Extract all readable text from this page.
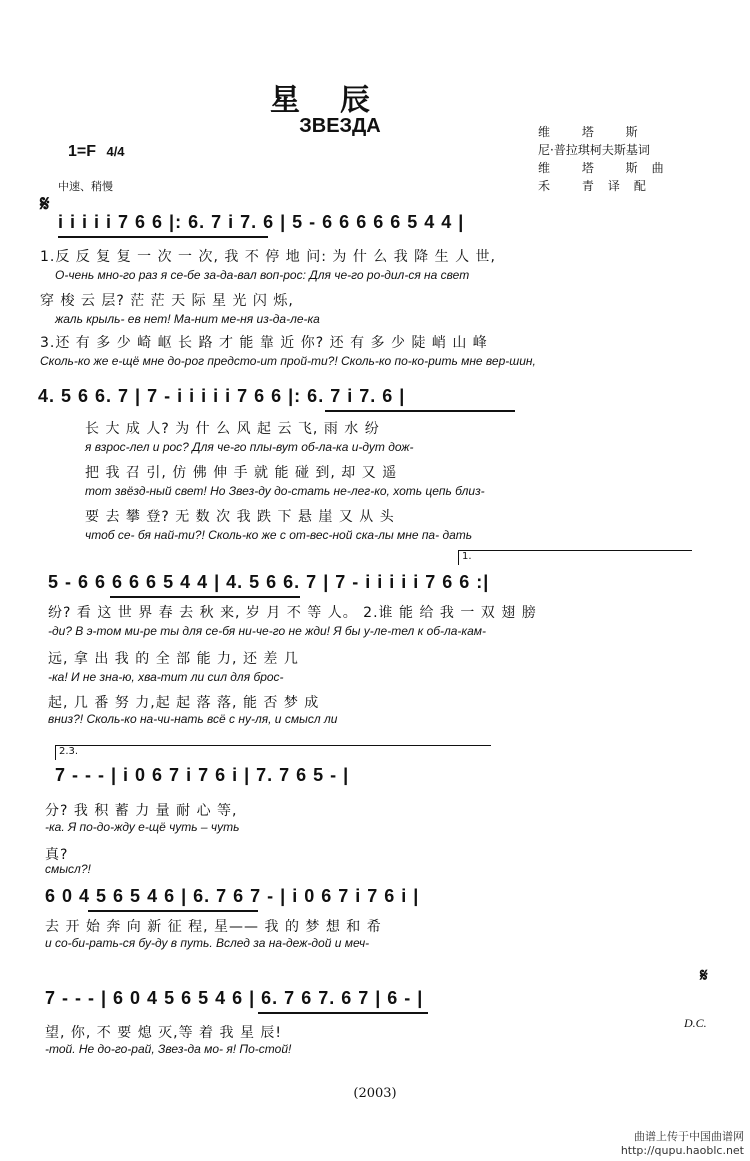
星辰
ЗВЕЗДА	维 塔 斯
尼·普拉琪柯夫斯基词
维 塔 斯曲
禾 青译配
1=F 4/4
中速、稍慢
𝄋
i i i i i 7 6 6 |: 6. 7 i 7. 6 | 5 - 6 6 6 6 6 5 4 4 |
1.反 反 复 复 一 次 一 次, 我 不 停 地 问: 为 什 么 我 降 生 人 世,
О-чень мно-го раз я се-бе за-да-вал воп-рос: Для че-го ро-дил-ся на свет
穿 梭 云 层? 茫 茫 天 际 星 光 闪 烁,
жаль крыль- ев нет! Ма-нит ме-ня из-да-ле-ка
3.还 有 多 少 崎 岖 长 路 才 能 靠 近 你? 还 有 多 少 陡 峭 山 峰
Сколь-ко же е-щё мне до-рог предсто-ит прой-ти?! Сколь-ко по-ко-рить мне вер-шин,
4. 5 6 6. 7 | 7 - i i i i i 7 6 6 |: 6. 7 i 7. 6 |
长 大 成 人? 为 什 么 风 起 云 飞, 雨 水 纷
я взрос-лел и рос? Для че-го плы-вут об-ла-ка и-дут дож-
把 我 召 引, 仿 佛 伸 手 就 能 碰 到, 却 又 遥
тот звёзд-ный свет! Но Звез-ду до-стать не-лег-ко, хоть цепь близ-
要 去 攀 登? 无 数 次 我 跌 下 悬 崖 又 从 头
чтоб се- бя най-ти?! Сколь-ко же с от-вес-ной ска-лы мне па- дать
1.
5 - 6 6 6 6 6 5 4 4 | 4. 5 6 6. 7 | 7 - i i i i i 7 6 6 :|
纷? 看 这 世 界 春 去 秋 来, 岁 月 不 等 人。 2.谁 能 给 我 一 双 翅 膀
-ди? В э-том ми-ре ты для се-бя ни-че-го не жди! Я бы у-ле-тел к об-ла-кам-
远, 拿 出 我 的 全 部 能 力, 还 差 几
-ка! И не зна-ю, хва-тит ли сил для брос-
起, 几 番 努 力,起 起 落 落, 能 否 梦 成
вниз?! Сколь-ко на-чи-нать всё с ну-ля, и смысл ли
2.3.
7 - - - | i 0 6 7 i 7 6 i | 7. 7 6 5 - |
分? 我 积 蓄 力 量 耐 心 等,
-ка. Я по-до-жду е-щё чуть – чуть
真?
смысл?!
6 0 4 5 6 5 4 6 | 6. 7 6 7 - | i 0 6 7 i 7 6 i |
去 开 始 奔 向 新 征 程, 星—— 我 的 梦 想 和 希
и со-би-рать-ся бу-ду в путь. Вслед за на-деж-дой и меч-
7 - - - | 6 0 4 5 6 5 4 6 | 6. 7 6 7. 6 7 | 6 - |
𝄋
望, 你, 不 要 熄 灭,等 着 我 星 辰!
-той. Не до-го-рай, Звез-да мо- я! По-стой!
D.C.
(2003)
曲谱上传于中国曲谱网
http://qupu.haoblc.net
